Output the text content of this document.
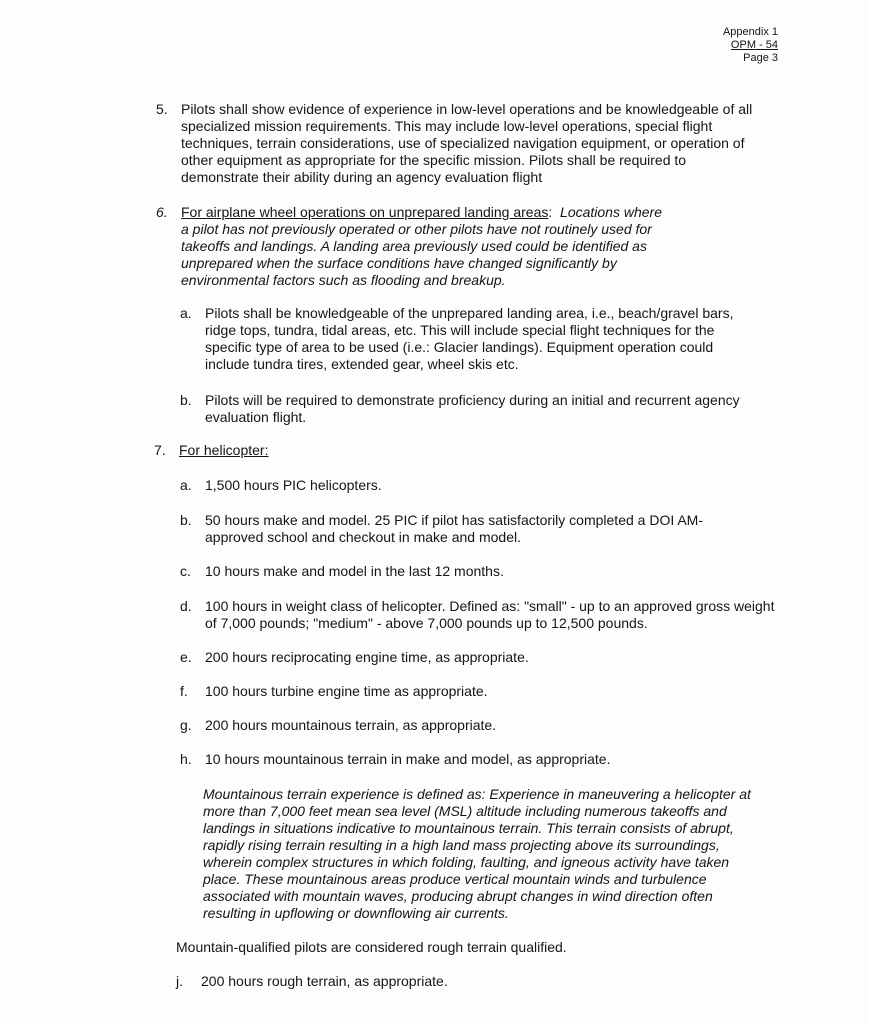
Appendix 1
OPM - 54
Page 3
5. Pilots shall show evidence of experience in low-level operations and be knowledgeable of all
specialized mission requirements. This may include low-level operations, special flight
techniques, terrain considerations, use of specialized navigation equipment, or operation of
other equipment as appropriate for the specific mission. Pilots shall be required to
demonstrate their ability during an agency evaluation flight
6. For airplane wheel operations on unprepared landing areas: Locations where
a pilot has not previously operated or other pilots have not routinely used for
takeoffs and landings. A landing area previously used could be identified as
unprepared when the surface conditions have changed significantly by
environmental factors such as flooding and breakup.
a. Pilots shall be knowledgeable of the unprepared landing area, i.e., beach/gravel bars,
ridge tops, tundra, tidal areas, etc. This will include special flight techniques for the
specific type of area to be used (i.e.: Glacier landings). Equipment operation could
include tundra tires, extended gear, wheel skis etc.
b. Pilots will be required to demonstrate proficiency during an initial and recurrent agency
evaluation flight.
7. For helicopter:
a. 1,500 hours PIC helicopters.
b. 50 hours make and model. 25 PIC if pilot has satisfactorily completed a DOI AM-
approved school and checkout in make and model.
c. 10 hours make and model in the last 12 months.
d. 100 hours in weight class of helicopter. Defined as: "small" - up to an approved gross weight
of 7,000 pounds; "medium" - above 7,000 pounds up to 12,500 pounds.
e. 200 hours reciprocating engine time, as appropriate.
f. 100 hours turbine engine time as appropriate.
g. 200 hours mountainous terrain, as appropriate.
h. 10 hours mountainous terrain in make and model, as appropriate.
Mountainous terrain experience is defined as: Experience in maneuvering a helicopter at
more than 7,000 feet mean sea level (MSL) altitude including numerous takeoffs and
landings in situations indicative to mountainous terrain. This terrain consists of abrupt,
rapidly rising terrain resulting in a high land mass projecting above its surroundings,
wherein complex structures in which folding, faulting, and igneous activity have taken
place. These mountainous areas produce vertical mountain winds and turbulence
associated with mountain waves, producing abrupt changes in wind direction often
resulting in upflowing or downflowing air currents.
Mountain-qualified pilots are considered rough terrain qualified.
j. 200 hours rough terrain, as appropriate.
